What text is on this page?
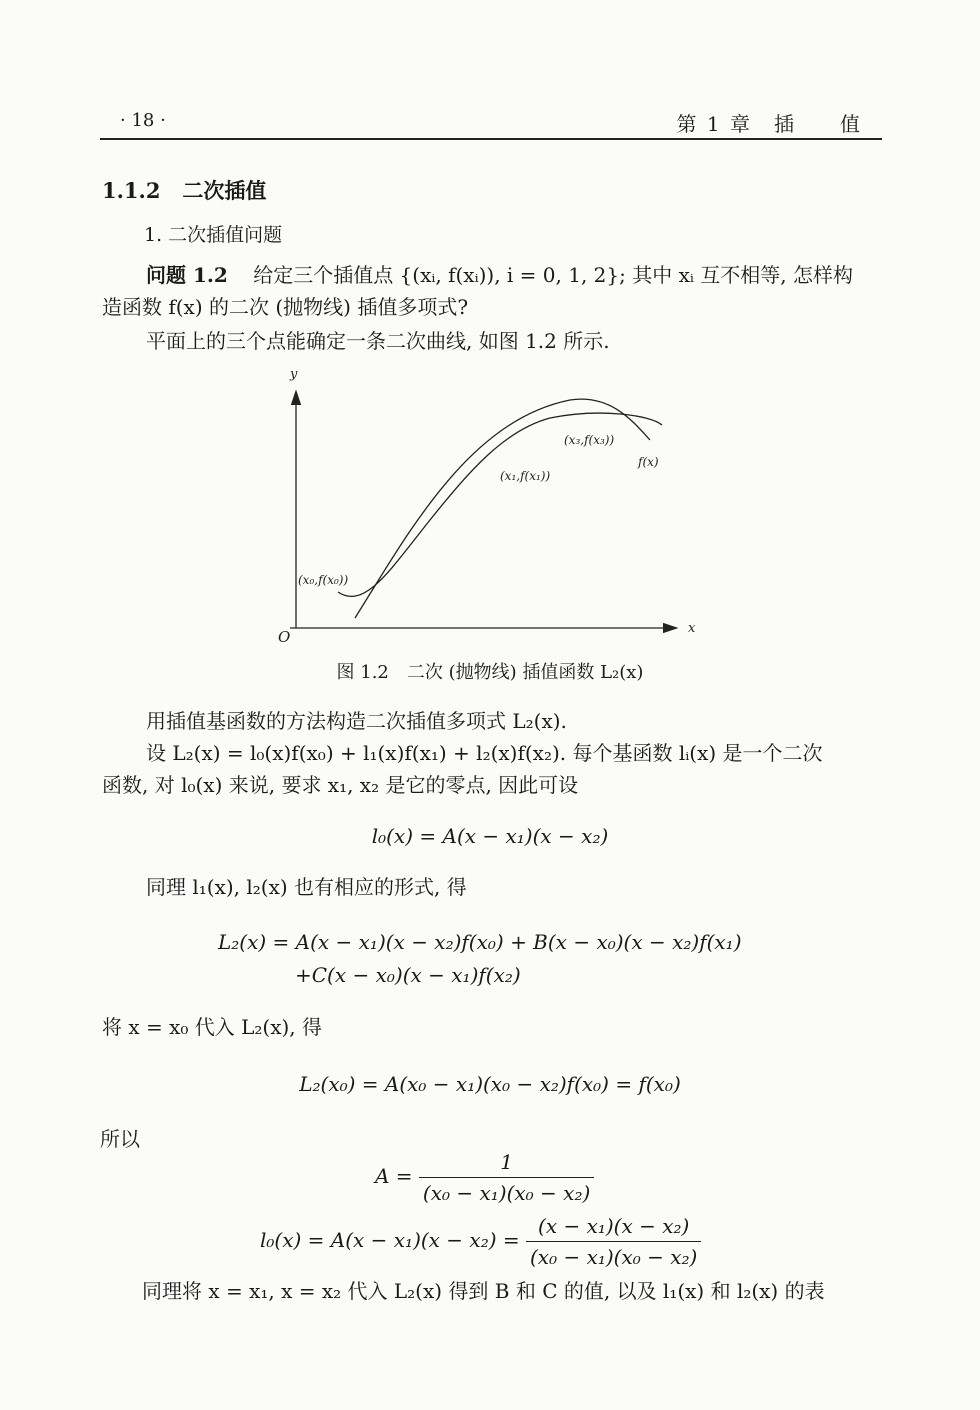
· 18 ·	第 1 章　插　　值
1.1.2 二次插值
1. 二次插值问题
问题 1.2 给定三个插值点 {(xᵢ, f(xᵢ)), i = 0, 1, 2}; 其中 xᵢ 互不相等, 怎样构
造函数 f(x) 的二次 (抛物线) 插值多项式?
平面上的三个点能确定一条二次曲线, 如图 1.2 所示.
y
x
O
(x₀,f(x₀))
(x₁,f(x₁))
(x₃,f(x₃))
f(x)
图 1.2　二次 (抛物线) 插值函数 L₂(x)
用插值基函数的方法构造二次插值多项式 L₂(x).
设 L₂(x) = l₀(x)f(x₀) + l₁(x)f(x₁) + l₂(x)f(x₂). 每个基函数 lᵢ(x) 是一个二次
函数, 对 l₀(x) 来说, 要求 x₁, x₂ 是它的零点, 因此可设
l₀(x) = A(x − x₁)(x − x₂)
同理 l₁(x), l₂(x) 也有相应的形式, 得
L₂(x) = A(x − x₁)(x − x₂)f(x₀) + B(x − x₀)(x − x₂)f(x₁)
+C(x − x₀)(x − x₁)f(x₂)
将 x = x₀ 代入 L₂(x), 得
L₂(x₀) = A(x₀ − x₁)(x₀ − x₂)f(x₀) = f(x₀)
所以
$A = \frac{1}{\text{(x₀ − x₁)(x₀ − x₂)}}$
$l_0(x) = A(x - x_1)(x - x_2) = \frac{\text{(x − x₁)(x − x₂)}}{\text{(x₀ − x₁)(x₀ − x₂)}}$
同理将 x = x₁, x = x₂ 代入 L₂(x) 得到 B 和 C 的值, 以及 l₁(x) 和 l₂(x) 的表
